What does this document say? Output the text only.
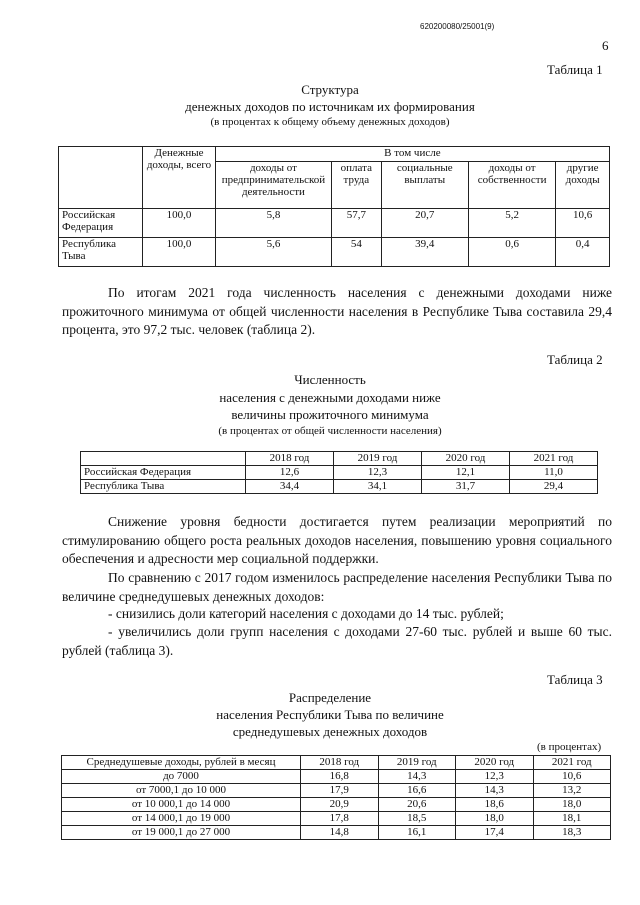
620200080/25001(9)
6
Таблица 1
Структура
денежных доходов по источникам их формирования
(в процентах к общему объему денежных доходов)
	Денежные доходы, всего	В том числе				
		доходы от предпринимательской деятельности	оплата труда	социальные выплаты	доходы от собственности	другие доходы
Российская Федерация	100,0	5,8	57,7	20,7	5,2	10,6
Республика Тыва	100,0	5,6	54	39,4	0,6	0,4
По итогам 2021 года численность населения с денежными доходами ниже прожиточного минимума от общей численности населения в Республике Тыва составила 29,4 процента, это 97,2 тыс. человек (таблица 2).
Таблица 2
Численность
населения с денежными доходами ниже
величины прожиточного минимума
(в процентах от общей численности населения)
	2018 год	2019 год	2020 год	2021 год
Российская Федерация	12,6	12,3	12,1	11,0
Республика Тыва	34,4	34,1	31,7	29,4
Снижение уровня бедности достигается путем реализации мероприятий по стимулированию общего роста реальных доходов населения, повышению уровня социального обеспечения и адресности мер социальной поддержки.
По сравнению с 2017 годом изменилось распределение населения Республики Тыва по величине среднедушевых денежных доходов:
- снизились доли категорий населения с доходами до 14 тыс. рублей;
- увеличились доли групп населения с доходами 27-60 тыс. рублей и выше 60 тыс. рублей (таблица 3).
Таблица 3
Распределение
населения Республики Тыва по величине
среднедушевых денежных доходов
(в процентах)
Среднедушевые доходы, рублей в месяц	2018 год	2019 год	2020 год	2021 год
до 7000	16,8	14,3	12,3	10,6
от 7000,1 до 10 000	17,9	16,6	14,3	13,2
от 10 000,1 до 14 000	20,9	20,6	18,6	18,0
от 14 000,1 до 19 000	17,8	18,5	18,0	18,1
от 19 000,1 до 27 000	14,8	16,1	17,4	18,3
